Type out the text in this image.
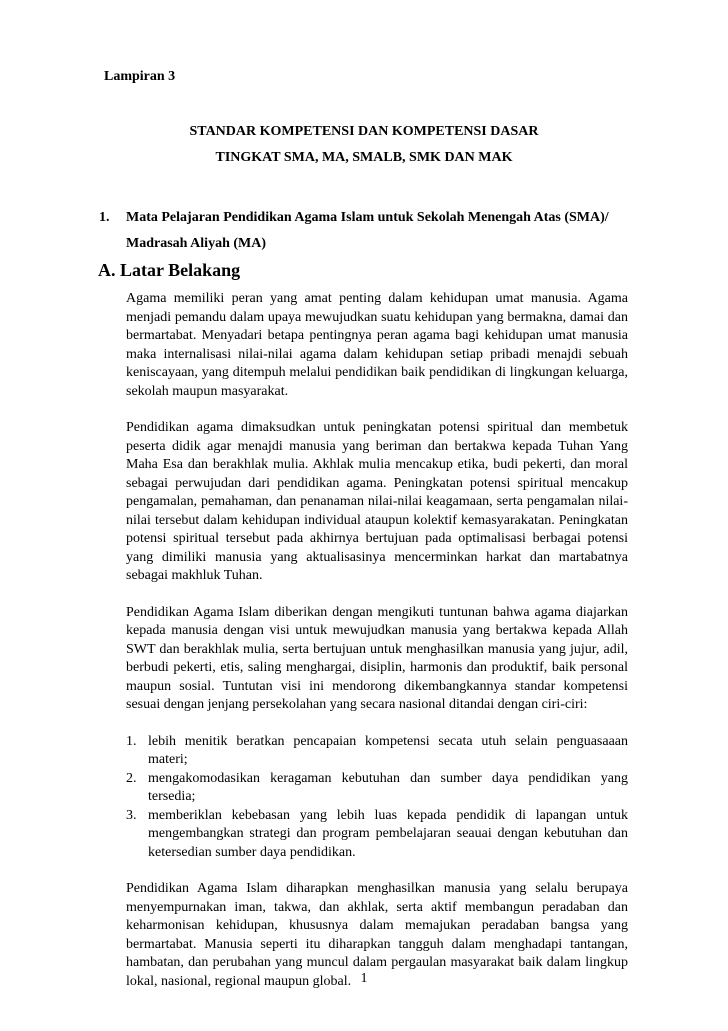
Lampiran 3
STANDAR KOMPETENSI DAN KOMPETENSI DASAR
TINGKAT SMA, MA, SMALB, SMK DAN MAK
1. Mata Pelajaran Pendidikan Agama Islam untuk Sekolah Menengah Atas (SMA)/ Madrasah Aliyah (MA)
A. Latar Belakang

Agama memiliki peran yang amat penting dalam kehidupan umat manusia. Agama menjadi pemandu dalam upaya mewujudkan suatu kehidupan yang bermakna, damai dan bermartabat. Menyadari betapa pentingnya peran agama bagi kehidupan umat manusia maka internalisasi nilai-nilai agama dalam kehidupan setiap pribadi menajdi sebuah keniscayaan, yang ditempuh melalui pendidikan baik pendidikan di lingkungan keluarga, sekolah maupun masyarakat.

Pendidikan agama dimaksudkan untuk peningkatan potensi spiritual dan membetuk peserta didik agar menajdi manusia yang beriman dan bertakwa kepada Tuhan Yang Maha Esa dan berakhlak mulia. Akhlak mulia mencakup etika, budi pekerti, dan moral sebagai perwujudan dari pendidikan agama. Peningkatan potensi spiritual mencakup pengamalan, pemahaman, dan penanaman nilai-nilai keagamaan, serta pengamalan nilai-nilai tersebut dalam kehidupan individual ataupun kolektif kemasyarakatan. Peningkatan potensi spiritual tersebut pada akhirnya bertujuan pada optimalisasi berbagai potensi yang dimiliki manusia yang aktualisasinya mencerminkan harkat dan martabatnya sebagai makhluk Tuhan.

Pendidikan Agama Islam diberikan dengan mengikuti tuntunan bahwa agama diajarkan kepada manusia dengan visi untuk mewujudkan manusia yang bertakwa kepada Allah SWT dan berakhlak mulia, serta bertujuan untuk menghasilkan manusia yang jujur, adil, berbudi pekerti, etis, saling menghargai, disiplin, harmonis dan produktif, baik personal maupun sosial. Tuntutan visi ini mendorong dikembangkannya standar kompetensi sesuai dengan jenjang persekolahan yang secara nasional ditandai dengan ciri-ciri:

1. lebih menitik beratkan pencapaian kompetensi secata utuh selain penguasaaan materi;
2. mengakomodasikan keragaman kebutuhan dan sumber daya pendidikan yang tersedia;
3. memberiklan kebebasan yang lebih luas kepada pendidik di lapangan untuk mengembangkan strategi dan program pembelajaran seauai dengan kebutuhan dan ketersedian sumber daya pendidikan.

Pendidikan Agama Islam diharapkan menghasilkan manusia yang selalu berupaya menyempurnakan iman, takwa, dan akhlak, serta aktif membangun peradaban dan keharmonisan kehidupan, khususnya dalam memajukan peradaban bangsa yang bermartabat. Manusia seperti itu diharapkan tangguh dalam menghadapi tantangan, hambatan, dan perubahan yang muncul dalam pergaulan masyarakat baik dalam lingkup lokal, nasional, regional maupun global. 1
